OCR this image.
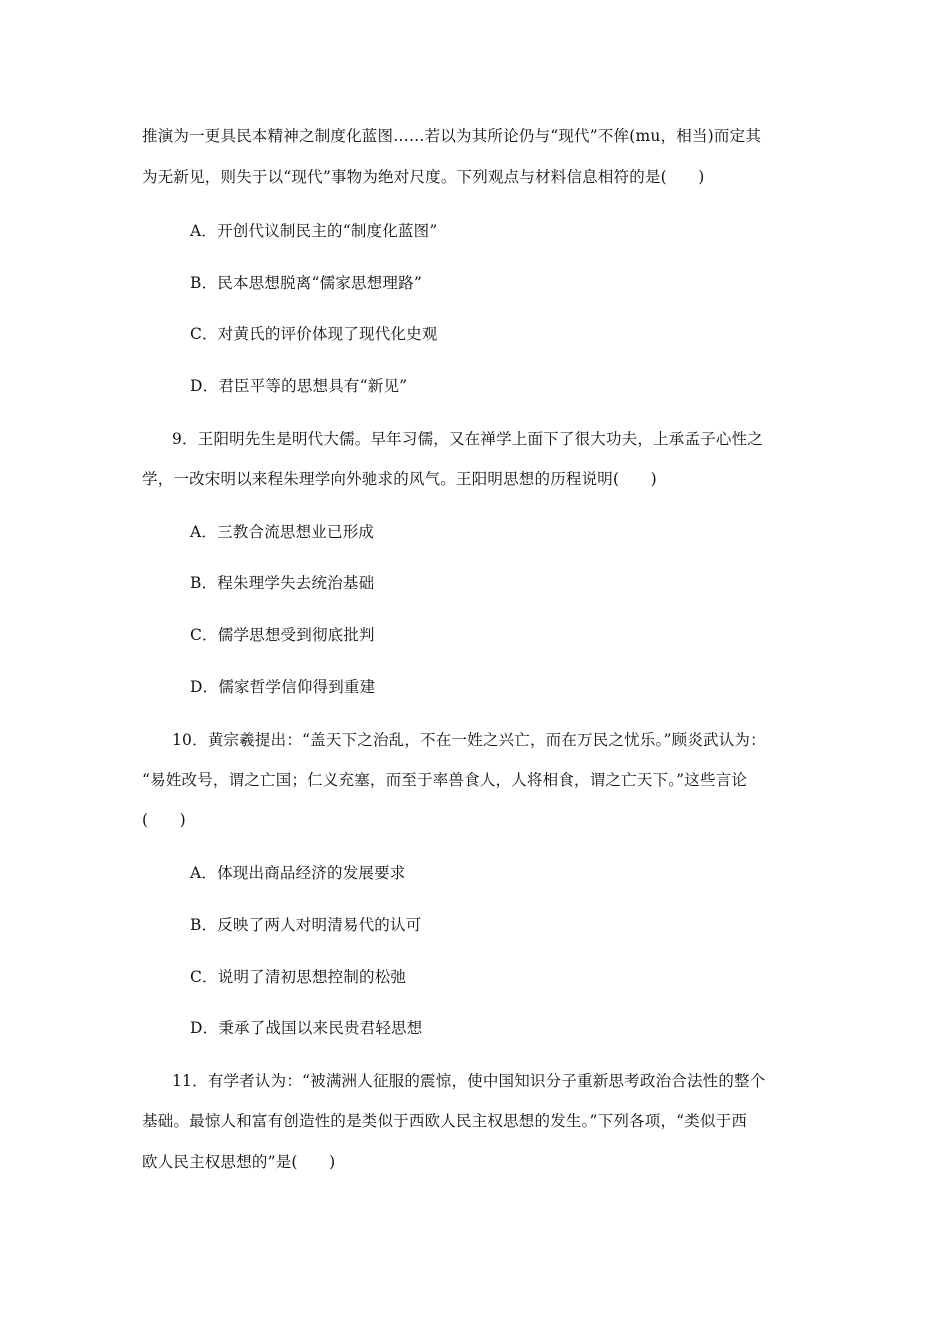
推演为一更具民本精神之制度化蓝图……若以为其所论仍与“现代”不侔(mu，相当)而定其
为无新见，则失于以“现代”事物为绝对尺度。下列观点与材料信息相符的是(　　)
A．开创代议制民主的“制度化蓝图”
B．民本思想脱离“儒家思想理路”
C．对黄氏的评价体现了现代化史观
D．君臣平等的思想具有“新见”
9．王阳明先生是明代大儒。早年习儒，又在禅学上面下了很大功夫，上承孟子心性之
学，一改宋明以来程朱理学向外驰求的风气。王阳明思想的历程说明(　　)
A．三教合流思想业已形成
B．程朱理学失去统治基础
C．儒学思想受到彻底批判
D．儒家哲学信仰得到重建
10．黄宗羲提出：“盖天下之治乱，不在一姓之兴亡，而在万民之忧乐。”顾炎武认为：
“易姓改号，谓之亡国；仁义充塞，而至于率兽食人，人将相食，谓之亡天下。”这些言论
(　　)
A．体现出商品经济的发展要求
B．反映了两人对明清易代的认可
C．说明了清初思想控制的松弛
D．秉承了战国以来民贵君轻思想
11．有学者认为：“被满洲人征服的震惊，使中国知识分子重新思考政治合法性的整个
基础。最惊人和富有创造性的是类似于西欧人民主权思想的发生。”下列各项，“类似于西
欧人民主权思想的”是(　　)
